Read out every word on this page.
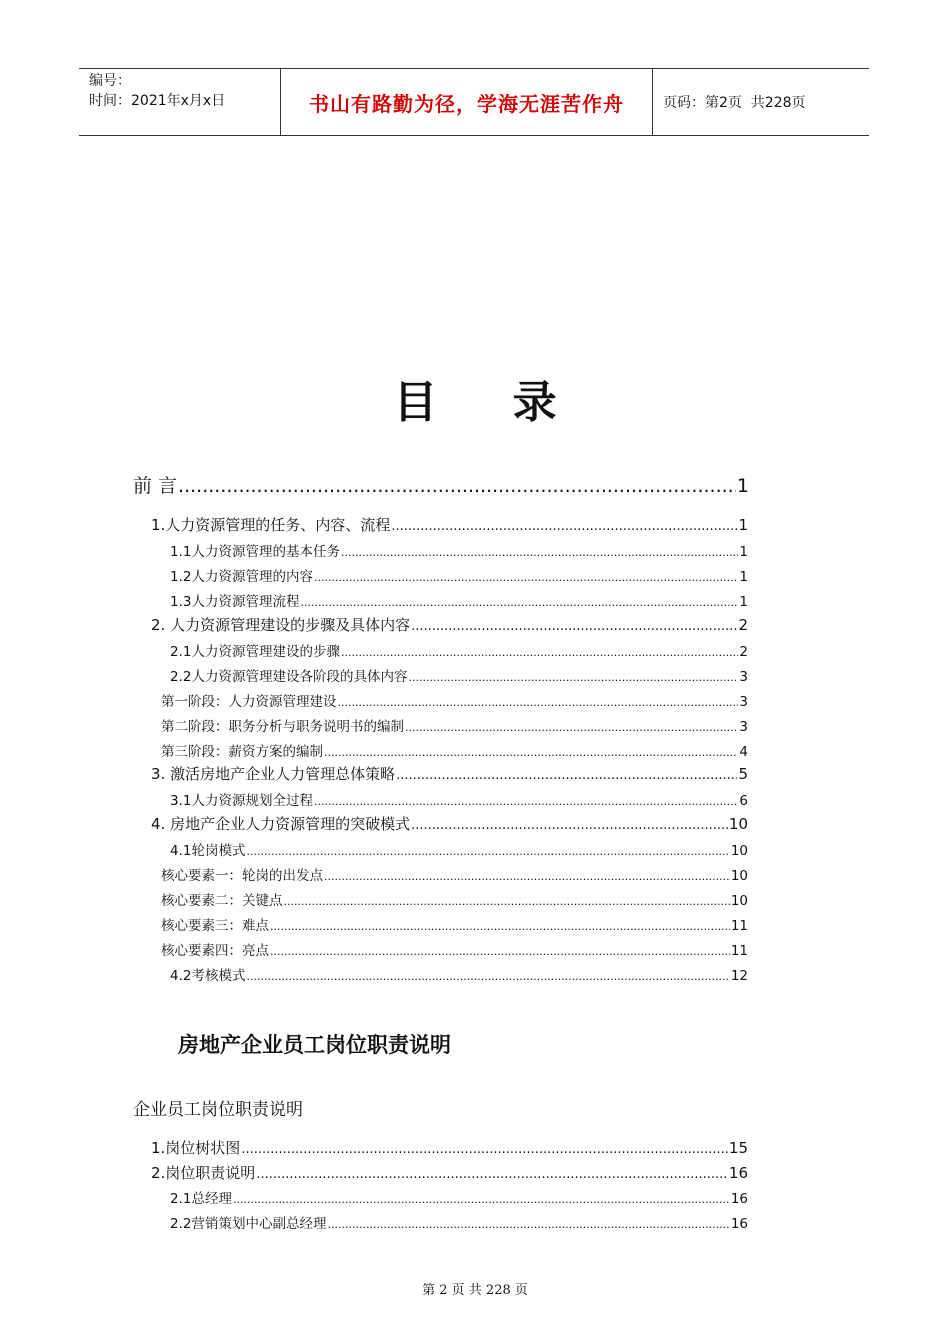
编号：
时间：2021年x月x日	书山有路勤为径，学海无涯苦作舟	页码：第2页  共228页
目 录
前 言 .....	1
1.人力资源管理的任务、内容、流程 .....	1
1.1人力资源管理的基本任务 .....	1
1.2人力资源管理的内容 .....	1
1.3人力资源管理流程 .....	1
2. 人力资源管理建设的步骤及具体内容 .....	2
2.1人力资源管理建设的步骤 .....	2
2.2人力资源管理建设各阶段的具体内容 .....	3
第一阶段：人力资源管理建设 .....	3
第二阶段：职务分析与职务说明书的编制 .....	3
第三阶段：薪资方案的编制 .....	4
3. 激活房地产企业人力管理总体策略 .....	5
3.1人力资源规划全过程 .....	6
4. 房地产企业人力资源管理的突破模式 .....	10
4.1轮岗模式 .....	10
核心要素一：轮岗的出发点 .....	10
核心要素二：关键点 .....	10
核心要素三：难点 .....	11
核心要素四：亮点 .....	11
4.2考核模式 .....	12
房地产企业员工岗位职责说明
企业员工岗位职责说明
1.岗位树状图 .....	15
2.岗位职责说明 .....	16
2.1总经理 .....	16
2.2营销策划中心副总经理 .....	16
第 2 页 共 228 页
